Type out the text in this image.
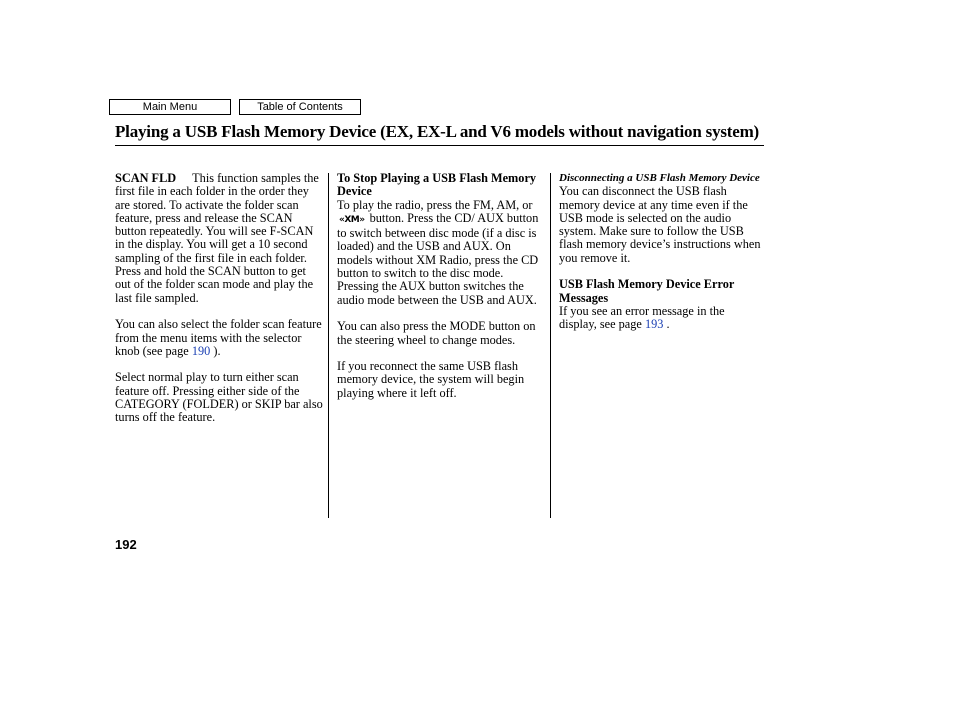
Main Menu	Table of Contents
Playing a USB Flash Memory Device (EX, EX-L and V6 models without navigation system)

SCAN FLD This function samples the first file in each folder in the order they are stored. To activate the folder scan feature, press and release the SCAN button repeatedly. You will see F-SCAN in the display. You will get a 10 second sampling of the first file in each folder. Press and hold the SCAN button to get out of the folder scan mode and play the last file sampled.

You can also select the folder scan feature from the menu items with the selector knob (see page 190 ).

Select normal play to turn either scan feature off. Pressing either side of the CATEGORY (FOLDER) or SKIP bar also turns off the feature.

To Stop Playing a USB Flash Memory Device

To play the radio, press the FM, AM, or «XM» button. Press the CD/ AUX button to switch between disc mode (if a disc is loaded) and the USB and AUX. On models without XM Radio, press the CD button to switch to the disc mode. Pressing the AUX button switches the audio mode between the USB and AUX.

You can also press the MODE button on the steering wheel to change modes.

If you reconnect the same USB flash memory device, the system will begin playing where it left off.

Disconnecting a USB Flash Memory Device

You can disconnect the USB flash memory device at any time even if the USB mode is selected on the audio system. Make sure to follow the USB flash memory device’s instructions when you remove it.

USB Flash Memory Device Error Messages

If you see an error message in the display, see page 193 .

192
